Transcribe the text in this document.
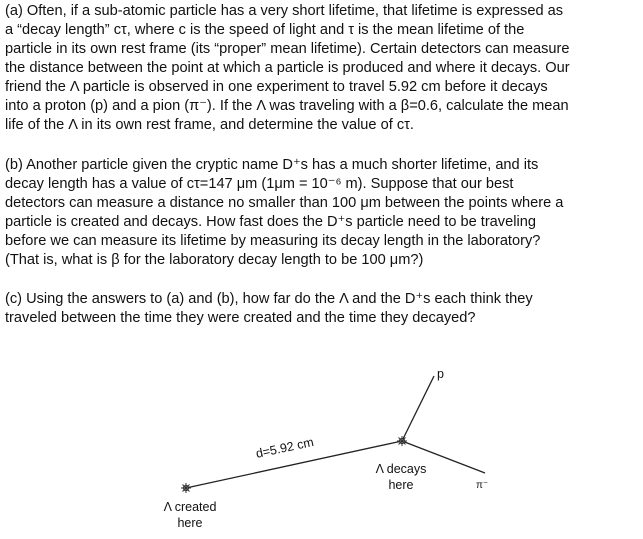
(a) Often, if a sub-atomic particle has a very short lifetime, that lifetime is expressed as
a “decay length” cτ, where c is the speed of light and τ is the mean lifetime of the
particle in its own rest frame (its “proper” mean lifetime). Certain detectors can measure
the distance between the point at which a particle is produced and where it decays. Our
friend the Λ particle is observed in one experiment to travel 5.92 cm before it decays
into a proton (p) and a pion (π⁻). If the Λ was traveling with a β=0.6, calculate the mean
life of the Λ in its own rest frame, and determine the value of cτ.
(b) Another particle given the cryptic name D⁺s has a much shorter lifetime, and its
decay length has a value of cτ=147 μm (1μm = 10⁻⁶ m). Suppose that our best
detectors can measure a distance no smaller than 100 μm between the points where a
particle is created and decays. How fast does the D⁺s particle need to be traveling
before we can measure its lifetime by measuring its decay length in the laboratory?
(That is, what is β for the laboratory decay length to be 100 μm?)
(c) Using the answers to (a) and (b), how far do the Λ and the D⁺s each think they
traveled between the time they were created and the time they decayed?
d=5.92 cm
p
π⁻
Λ decays
here
Λ created
here
